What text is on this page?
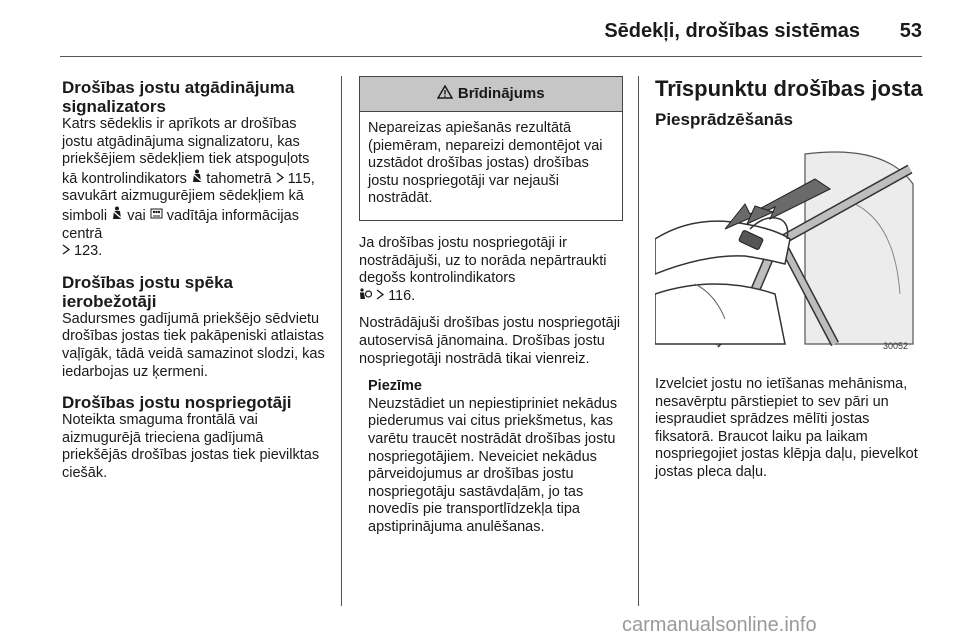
Sēdekļi, drošības sistēmas	53
Drošības jostu atgādinājuma signalizators

Katrs sēdeklis ir aprīkots ar drošības jostu atgādinājuma signalizatoru, kas priekšējiem sēdekļiem tiek atspoguļots kā kontrolindikators tahometrā 115, savukārt aizmugurējiem sēdekļiem kā simboli vai vadītāja informācijas centrā
123.

Drošības jostu spēka ierobežotāji

Sadursmes gadījumā priekšējo sēdvietu drošības jostas tiek pakāpeniski atlaistas vaļīgāk, tādā veidā samazinot slodzi, kas iedarbojas uz ķermeni.

Drošības jostu nospriegotāji

Noteikta smaguma frontālā vai aizmugurējā trieciena gadījumā priekšējās drošības jostas tiek pievilktas ciešāk.

Brīdinājums
Nepareizas apiešanās rezultātā (piemēram, nepareizi demontējot vai uzstādot drošības jostas) drošības jostu nospriegotāji var nejauši nostrādāt.

Ja drošības jostu nospriegotāji ir nostrādājuši, uz to norāda nepārtraukti degošs kontrolindikators
116.

Nostrādājuši drošības jostu nospriegotāji autoservisā jānomaina. Drošības jostu nospriegotāji nostrādā tikai vienreiz.

Piezīme

Neuzstādiet un nepiestipriniet nekādus piederumus vai citus priekšmetus, kas varētu traucēt nostrādāt drošības jostu nospriegotājiem. Neveiciet nekādus pārveidojumus ar drošības jostu nospriegotāju sastāvdaļām, jo tas novedīs pie transportlīdzekļa tipa apstiprinājuma anulēšanas.

Trīspunktu drošības josta
Piesprādzēšanās
30052

Izvelciet jostu no ietīšanas mehānisma, nesavērptu pārstiepiet to sev pāri un iespraudiet sprādzes mēlīti jostas fiksatorā. Braucot laiku pa laikam nospriegojiet jostas klēpja daļu, pievelkot jostas pleca daļu.

carmanualsonline.info
